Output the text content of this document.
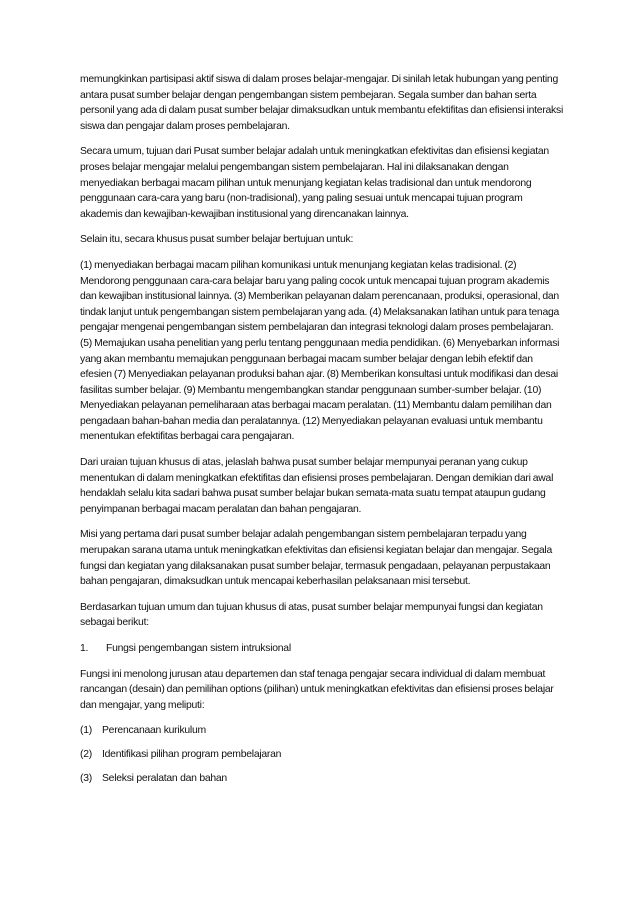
memungkinkan partisipasi aktif siswa di dalam proses belajar-mengajar. Di sinilah letak hubungan yang penting antara pusat sumber belajar dengan pengembangan sistem pembejaran. Segala sumber dan bahan serta personil yang ada di dalam pusat sumber belajar dimaksudkan untuk membantu efektifitas dan efisiensi interaksi siswa dan pengajar dalam proses pembelajaran.

Secara umum, tujuan dari Pusat sumber belajar adalah untuk meningkatkan efektivitas dan efisiensi kegiatan proses belajar mengajar melalui pengembangan sistem pembelajaran. Hal ini dilaksanakan dengan menyediakan berbagai macam pilihan untuk menunjang kegiatan kelas tradisional dan untuk mendorong penggunaan cara-cara yang baru (non-tradisional), yang paling sesuai untuk mencapai tujuan program akademis dan kewajiban-kewajiban institusional yang direncanakan lainnya.

Selain itu, secara khusus pusat sumber belajar bertujuan untuk:

(1) menyediakan berbagai macam pilihan komunikasi untuk menunjang kegiatan kelas tradisional. (2) Mendorong penggunaan cara-cara belajar baru yang paling cocok untuk mencapai tujuan program akademis dan kewajiban institusional lainnya. (3) Memberikan pelayanan dalam perencanaan, produksi, operasional, dan tindak lanjut untuk pengembangan sistem pembelajaran yang ada. (4) Melaksanakan latihan untuk para tenaga pengajar mengenai pengembangan sistem pembelajaran dan integrasi teknologi dalam proses pembelajaran. (5) Memajukan usaha penelitian yang perlu tentang penggunaan media pendidikan. (6) Menyebarkan informasi yang akan membantu memajukan penggunaan berbagai macam sumber belajar dengan lebih efektif dan efesien (7) Menyediakan pelayanan produksi bahan ajar. (8) Memberikan konsultasi untuk modifikasi dan desai fasilitas sumber belajar. (9) Membantu mengembangkan standar penggunaan sumber-sumber belajar. (10) Menyediakan pelayanan pemeliharaan atas berbagai macam peralatan. (11) Membantu dalam pemilihan dan pengadaan bahan-bahan media dan peralatannya. (12) Menyediakan pelayanan evaluasi untuk membantu menentukan efektifitas berbagai cara pengajaran.

Dari uraian tujuan khusus di atas, jelaslah bahwa pusat sumber belajar mempunyai peranan yang cukup menentukan di dalam meningkatkan efektifitas dan efisiensi proses pembelajaran. Dengan demikian dari awal hendaklah selalu kita sadari bahwa pusat sumber belajar bukan semata-mata suatu tempat ataupun gudang penyimpanan berbagai macam peralatan dan bahan pengajaran.

Misi yang pertama dari pusat sumber belajar adalah pengembangan sistem pembelajaran terpadu yang merupakan sarana utama untuk meningkatkan efektivitas dan efisiensi kegiatan belajar dan mengajar. Segala fungsi dan kegiatan yang dilaksanakan pusat sumber belajar, termasuk pengadaan, pelayanan perpustakaan bahan pengajaran, dimaksudkan untuk mencapai keberhasilan pelaksanaan misi tersebut.

Berdasarkan tujuan umum dan tujuan khusus di atas, pusat sumber belajar mempunyai fungsi dan kegiatan sebagai berikut:

1.	Fungsi pengembangan sistem intruksional

Fungsi ini menolong jurusan atau departemen dan staf tenaga pengajar secara individual di dalam membuat rancangan (desain) dan pemilihan options (pilihan) untuk meningkatkan efektivitas dan efisiensi proses belajar dan mengajar, yang meliputi:

(1) Perencanaan kurikulum
(2) Identifikasi pilihan program pembelajaran
(3) Seleksi peralatan dan bahan
